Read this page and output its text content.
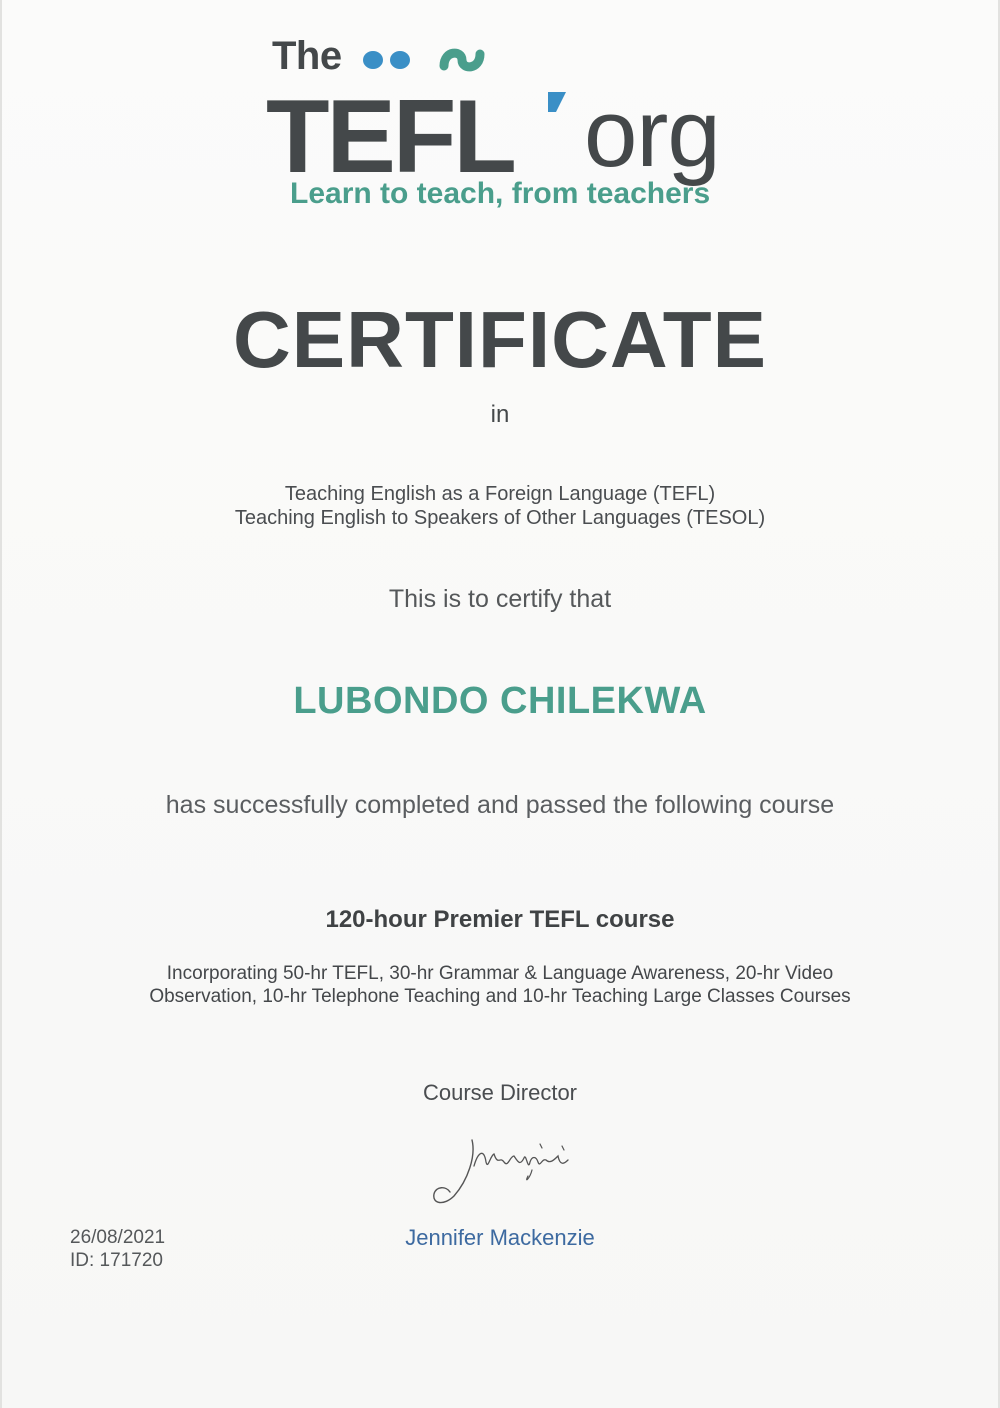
The
TEFL org
Learn to teach, from teachers
CERTIFICATE
in
Teaching English as a Foreign Language (TEFL)
Teaching English to Speakers of Other Languages (TESOL)
This is to certify that
LUBONDO CHILEKWA
has successfully completed and passed the following course
120-hour Premier TEFL course
Incorporating 50-hr TEFL, 30-hr Grammar & Language Awareness, 20-hr Video
Observation, 10-hr Telephone Teaching and 10-hr Teaching Large Classes Courses
Course Director
Jennifer Mackenzie
26/08/2021
ID: 171720
